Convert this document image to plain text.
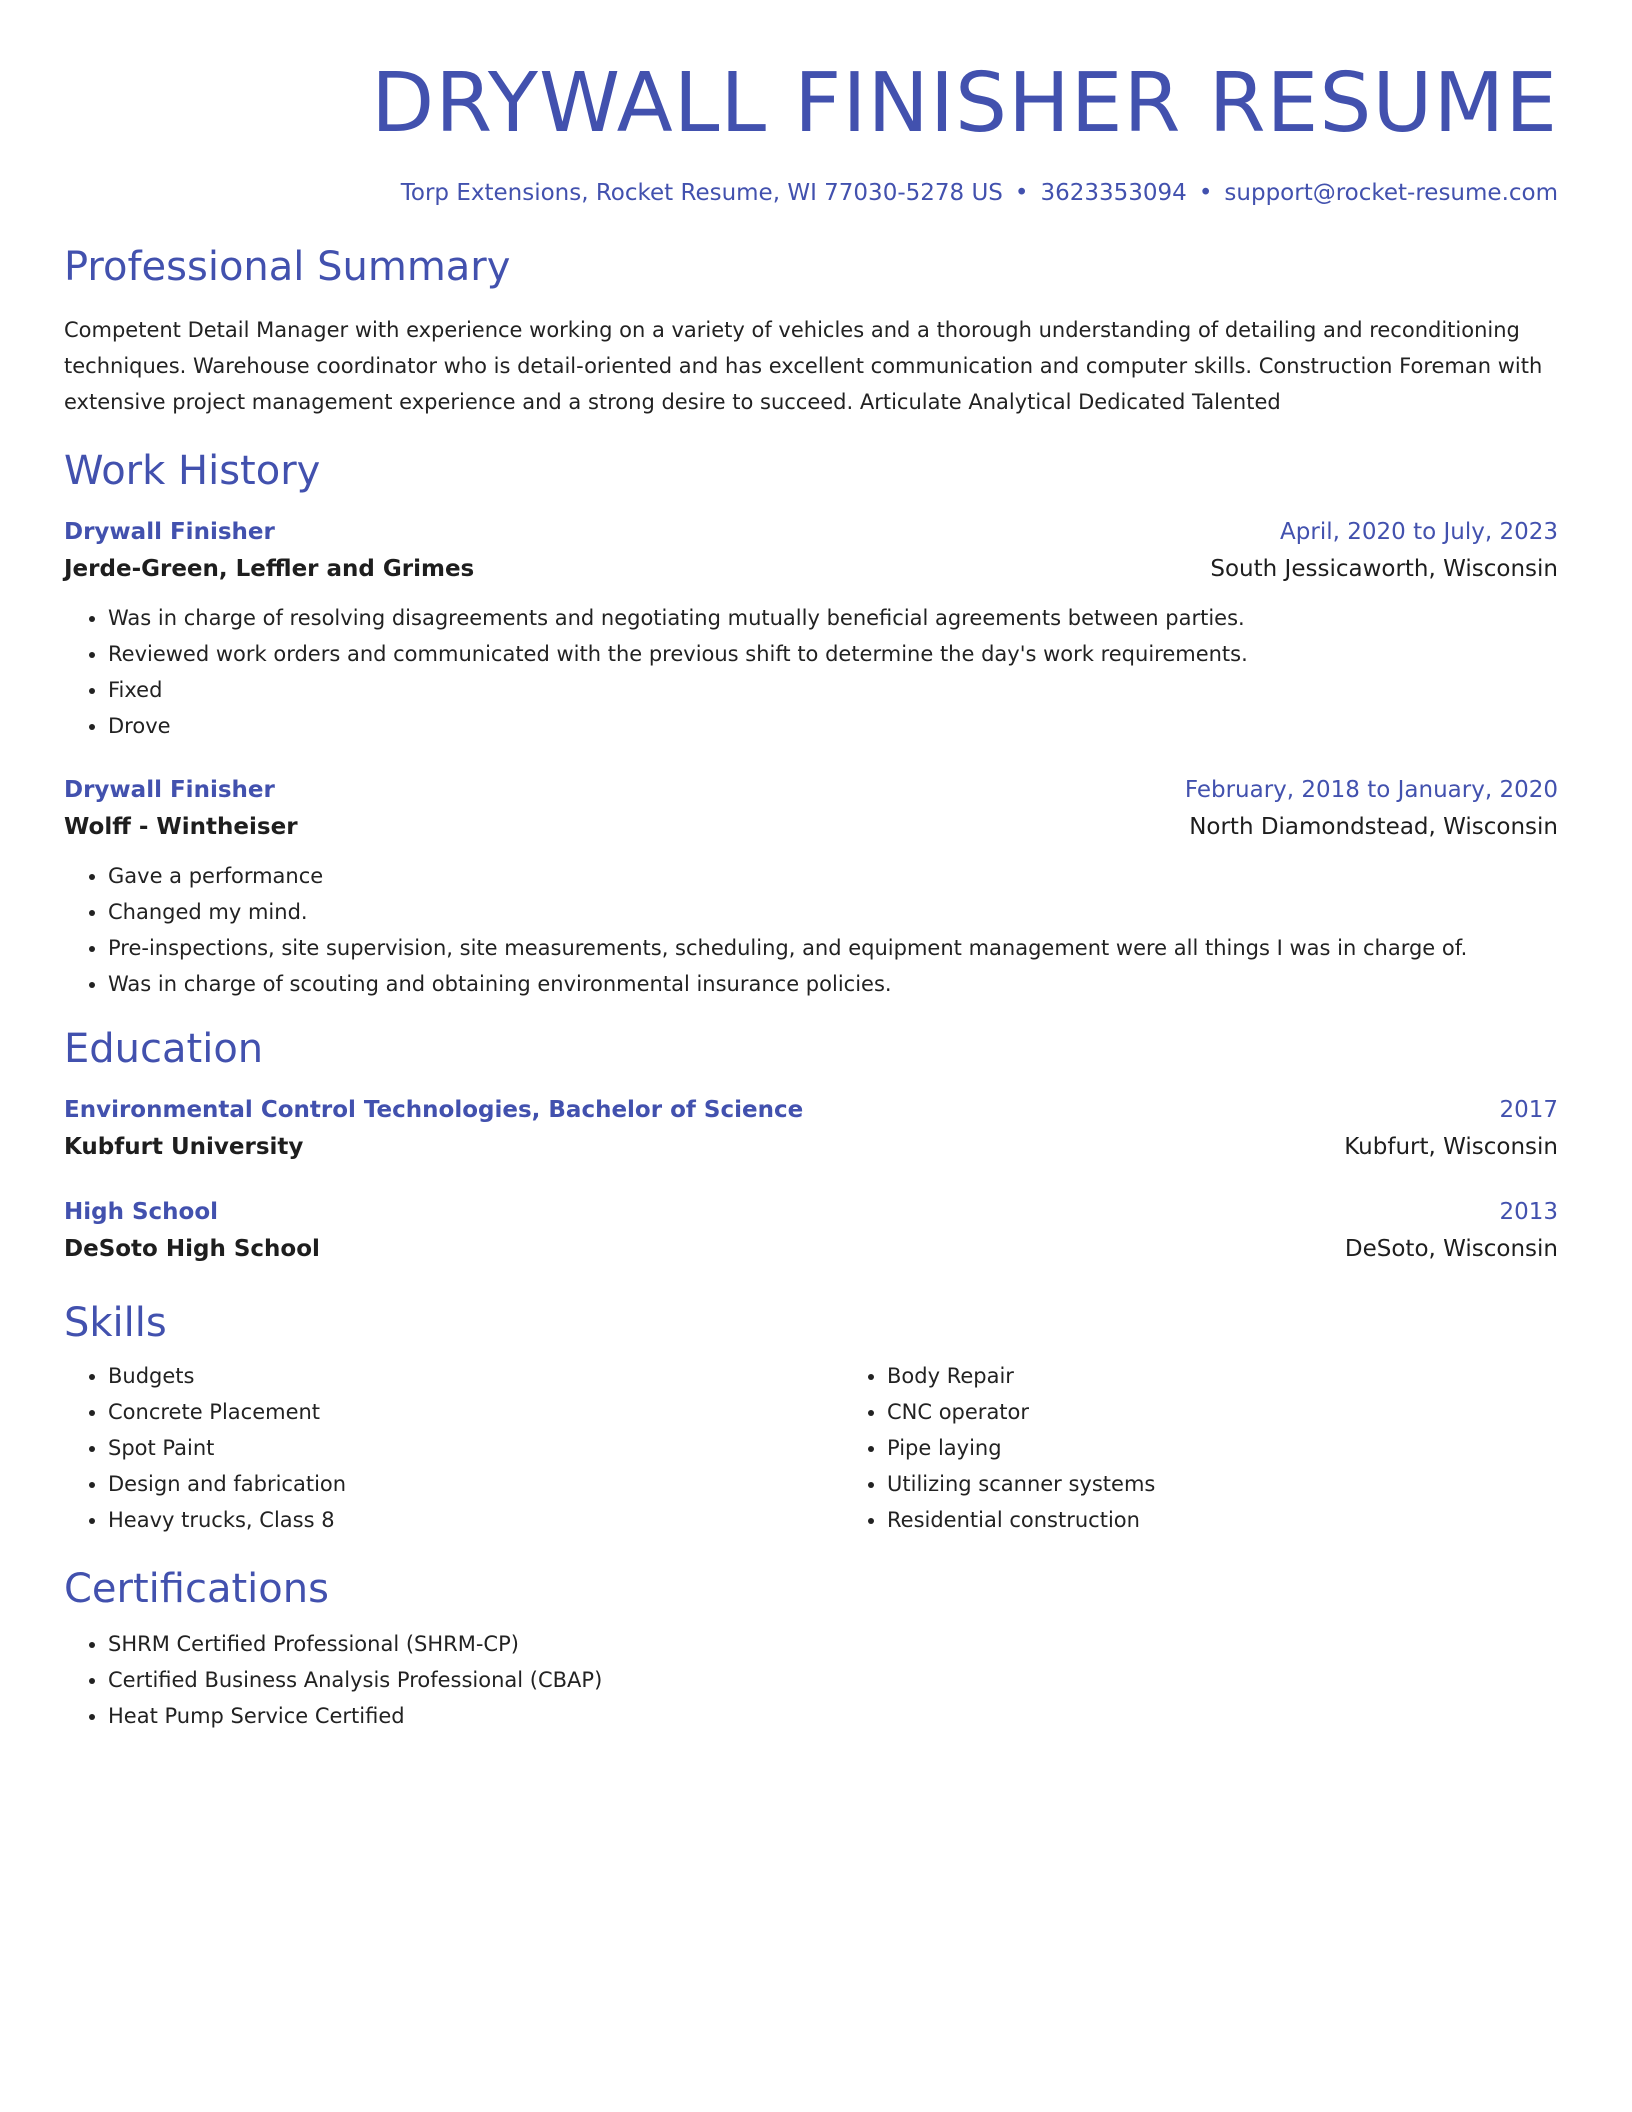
DRYWALL FINISHER RESUME
Torp Extensions, Rocket Resume, WI 77030-5278 US • 3623353094 • support@rocket-resume.com
Professional Summary
Competent Detail Manager with experience working on a variety of vehicles and a thorough understanding of detailing and reconditioning techniques. Warehouse coordinator who is detail-oriented and has excellent communication and computer skills. Construction Foreman with extensive project management experience and a strong desire to succeed. Articulate Analytical Dedicated Talented
Work History
Drywall Finisher	April, 2020 to July, 2023
Jerde-Green, Leffler and Grimes	South Jessicaworth, Wisconsin
• Was in charge of resolving disagreements and negotiating mutually beneficial agreements between parties.
• Reviewed work orders and communicated with the previous shift to determine the day's work requirements.
• Fixed
• Drove
Drywall Finisher	February, 2018 to January, 2020
Wolff - Wintheiser	North Diamondstead, Wisconsin
• Gave a performance
• Changed my mind.
• Pre-inspections, site supervision, site measurements, scheduling, and equipment management were all things I was in charge of.
• Was in charge of scouting and obtaining environmental insurance policies.
Education
Environmental Control Technologies, Bachelor of Science	2017
Kubfurt University	Kubfurt, Wisconsin
High School	2013
DeSoto High School	DeSoto, Wisconsin
Skills
• Budgets
• Concrete Placement
• Spot Paint
• Design and fabrication
• Heavy trucks, Class 8
• Body Repair
• CNC operator
• Pipe laying
• Utilizing scanner systems
• Residential construction
Certifications
• SHRM Certified Professional (SHRM-CP)
• Certified Business Analysis Professional (CBAP)
• Heat Pump Service Certified
